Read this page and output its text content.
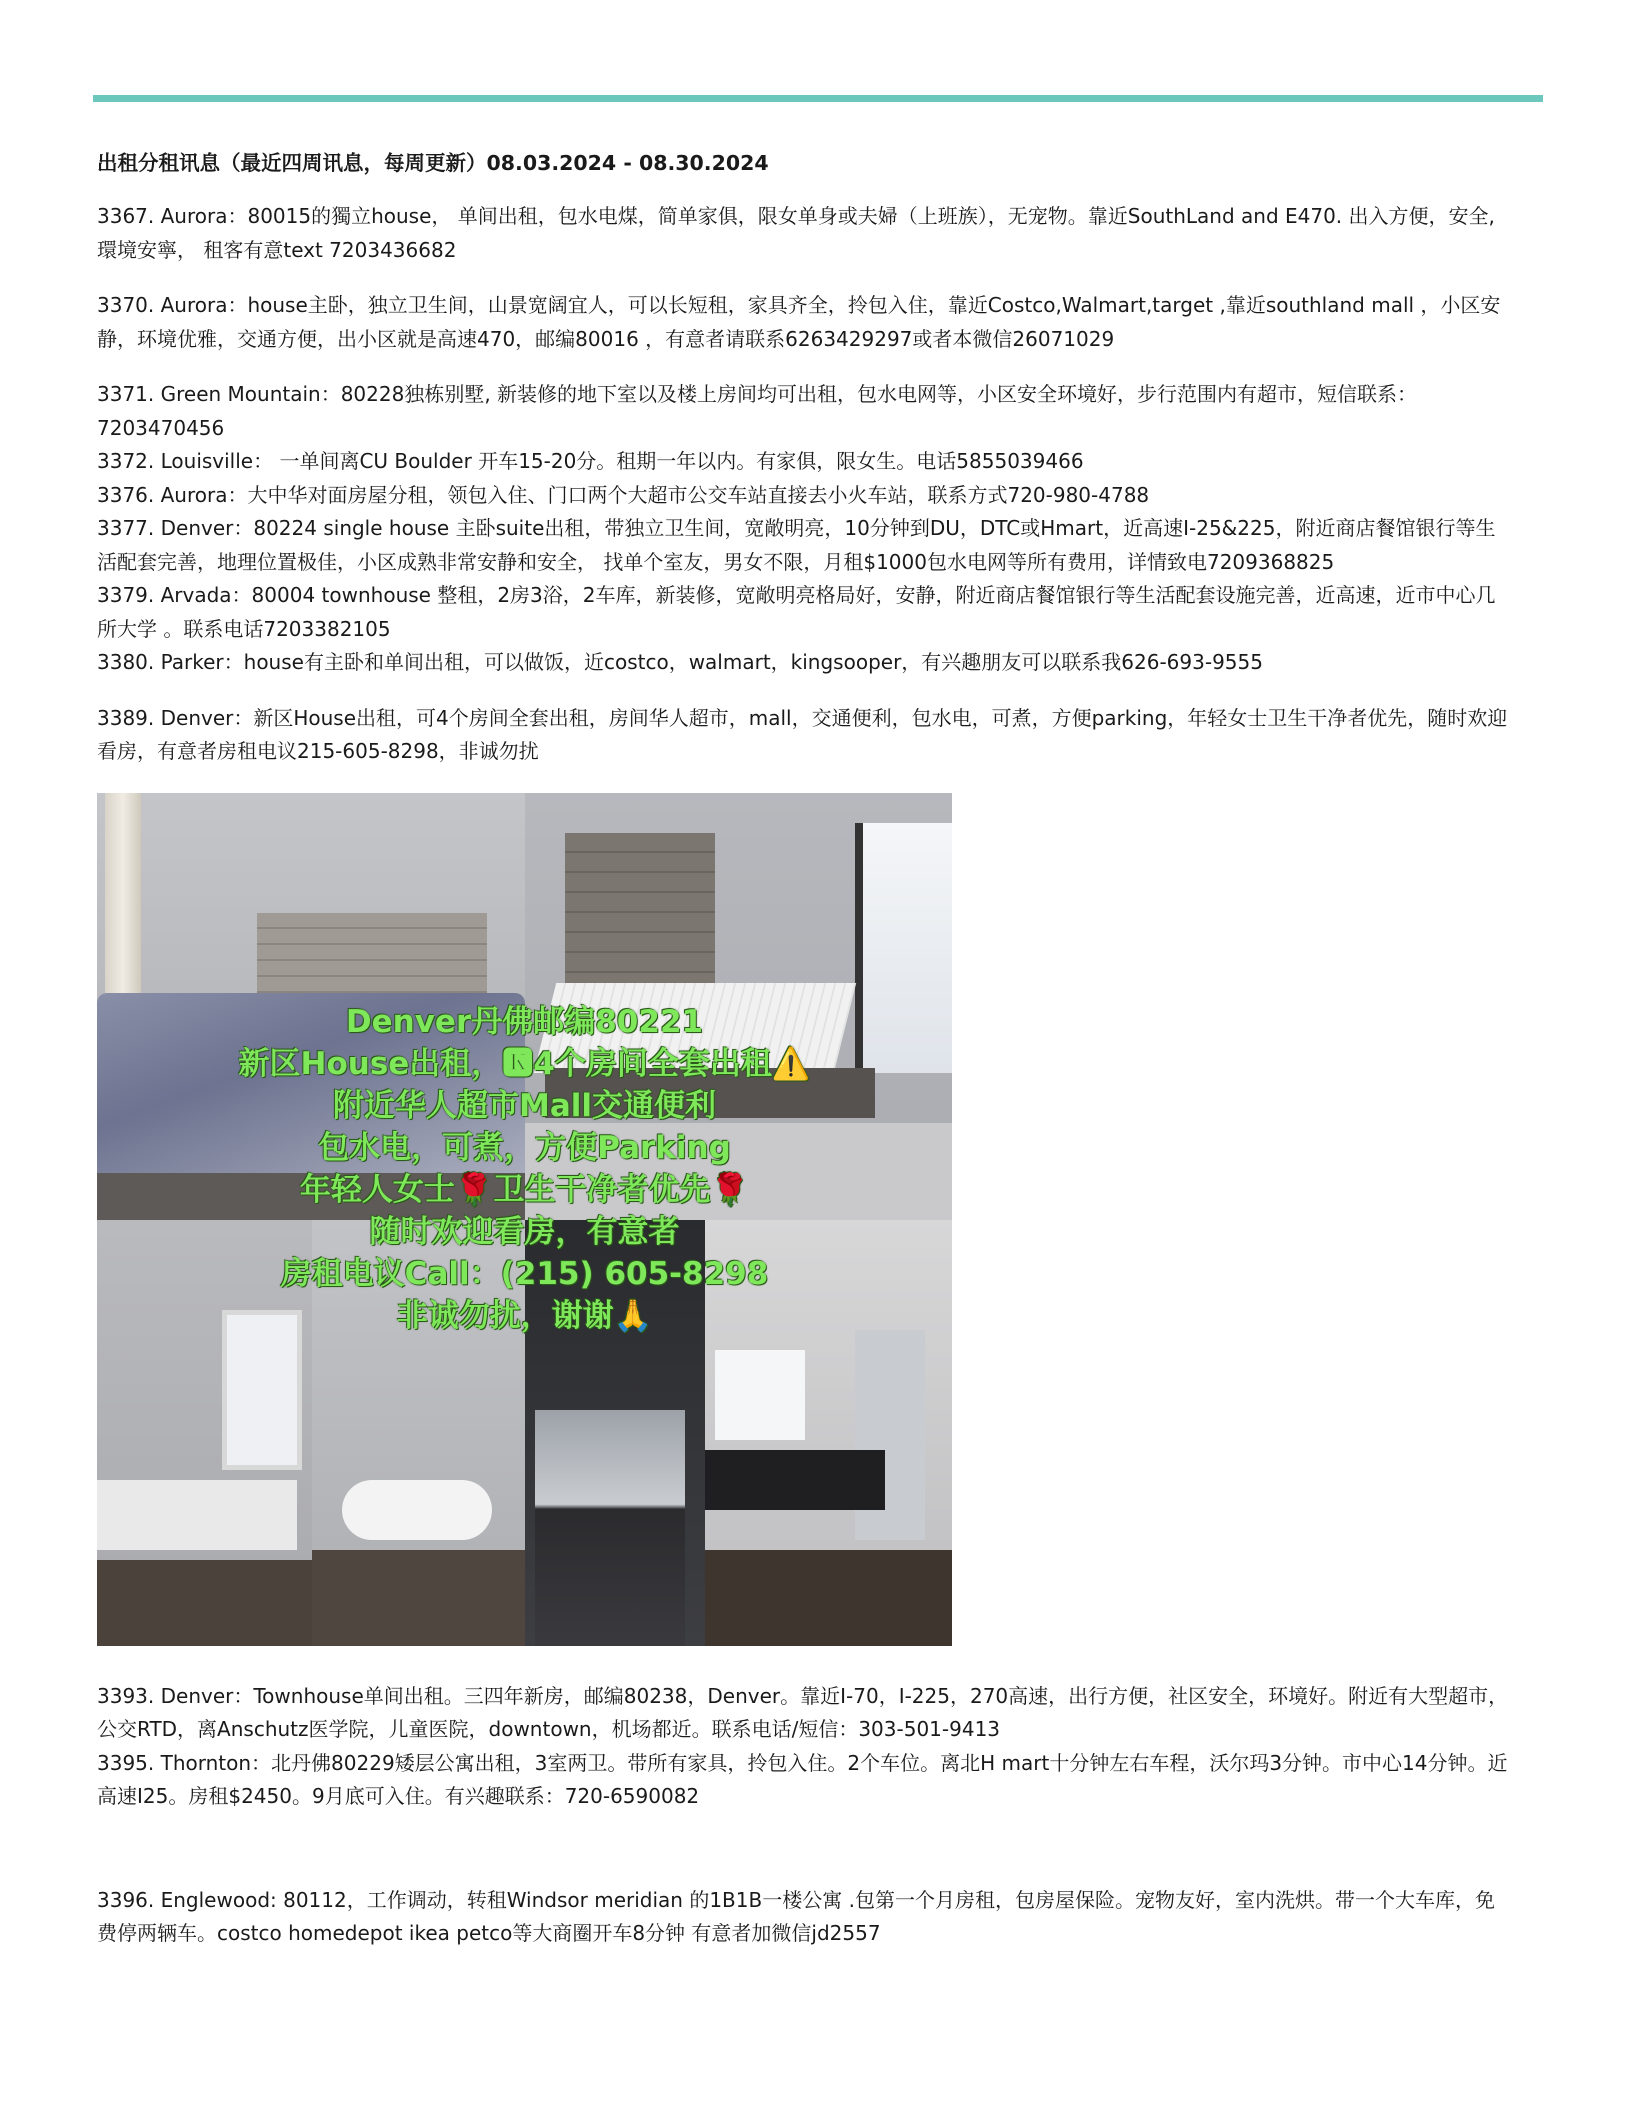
出租分租讯息（最近四周讯息，每周更新）08.03.2024 - 08.30.2024

3367. Aurora：80015的獨立house， 单间出租，包水电煤，简单家俱，限女单身或夫婦（上班族），无宠物。靠近SouthLand and E470. 出入方便，安全, 環境安寧， 租客有意text 7203436682

3370. Aurora：house主卧，独立卫生间，山景宽阔宜人，可以长短租，家具齐全，拎包入住，靠近Costco,Walmart,target ,靠近southland mall ，小区安静，环境优雅，交通方便，出小区就是高速470，邮编80016 ，有意者请联系6263429297或者本微信26071029

3371. Green Mountain：80228独栋别墅, 新装修的地下室以及楼上房间均可出租，包水电网等，小区安全环境好，步行范围内有超市，短信联系：7203470456

3372. Louisville： 一单间离CU Boulder 开车15-20分。租期一年以内。有家俱，限女生。电话5855039466

3376. Aurora：大中华对面房屋分租，领包入住、门口两个大超市公交车站直接去小火车站，联系方式720-980-4788

3377. Denver：80224 single house 主卧suite出租，带独立卫生间，宽敞明亮，10分钟到DU，DTC或Hmart，近高速I-25&225，附近商店餐馆银行等生活配套完善，地理位置极佳，小区成熟非常安静和安全， 找单个室友，男女不限，月租$1000包水电网等所有费用，详情致电7209368825

3379. Arvada：80004 townhouse 整租，2房3浴，2车库，新装修，宽敞明亮格局好，安静，附近商店餐馆银行等生活配套设施完善，近高速，近市中心几所大学 。联系电话7203382105

3380. Parker：house有主卧和单间出租，可以做饭，近costco，walmart，kingsooper，有兴趣朋友可以联系我626-693-9555

3389. Denver：新区House出租，可4个房间全套出租，房间华人超市，mall，交通便利，包水电，可煮，方便parking，年轻女士卫生干净者优先，随时欢迎看房，有意者房租电议215-605-8298，非诚勿扰

Denver丹佛邮编80221
新区House出租，🅺4个房间全套出租⚠️
附近华人超市Mall交通便利
包水电，可煮，方便Parking
年轻人女士🌹卫生干净者优先🌹
随时欢迎看房，有意者
房租电议Call：(215) 605-8298
非诚勿扰，谢谢🙏

3393. Denver：Townhouse单间出租。三四年新房，邮编80238，Denver。靠近I-70，I-225，270高速，出行方便，社区安全，环境好。附近有大型超市，公交RTD，离Anschutz医学院，儿童医院，downtown，机场都近。联系电话/短信：303-501-9413

3395. Thornton：北丹佛80229矮层公寓出租，3室两卫。带所有家具，拎包入住。2个车位。离北H mart十分钟左右车程，沃尔玛3分钟。市中心14分钟。近高速I25。房租$2450。9月底可入住。有兴趣联系：720-6590082

3396. Englewood: 80112，工作调动，转租Windsor meridian 的1B1B一楼公寓 .包第一个月房租，包房屋保险。宠物友好，室内洗烘。带一个大车库，免费停两辆车。costco homedepot ikea petco等大商圈开车8分钟 有意者加微信jd2557
